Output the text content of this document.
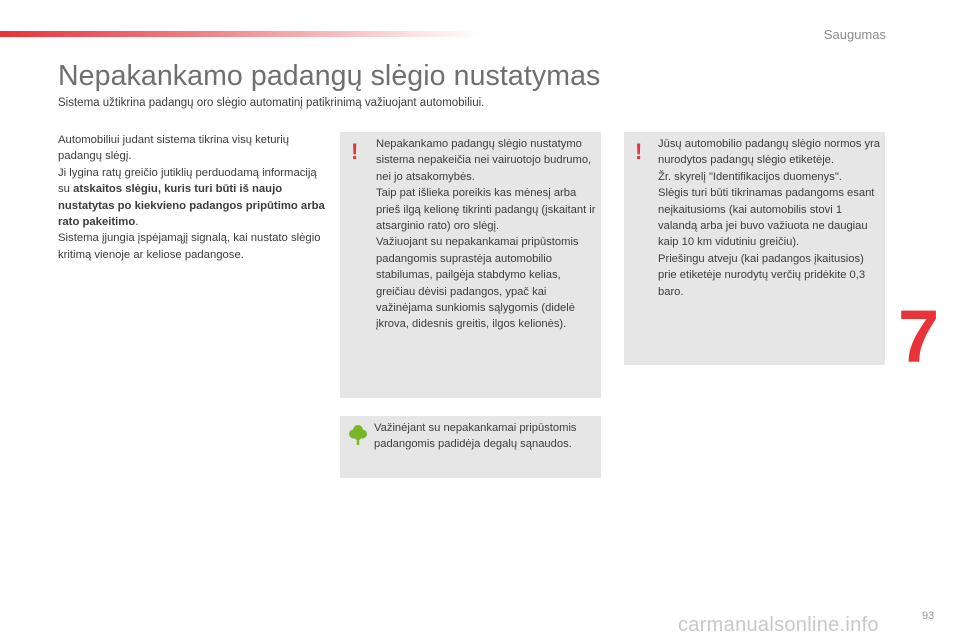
Saugumas
Nepakankamo padangų slėgio nustatymas
Sistema užtikrina padangų oro slėgio automatinį patikrinimą važiuojant automobiliui.
Automobiliui judant sistema tikrina visų keturių padangų slėgį.
Ji lygina ratų greičio jutiklių perduodamą informaciją su atskaitos slėgiu, kuris turi būti iš naujo nustatytas po kiekvieno padangos pripūtimo arba rato pakeitimo.
Sistema įjungia įspėjamąjį signalą, kai nustato slėgio kritimą vienoje ar keliose padangose.
! Nepakankamo padangų slėgio nustatymo sistema nepakeičia nei vairuotojo budrumo, nei jo atsakomybės.
Taip pat išlieka poreikis kas mėnesį arba prieš ilgą kelionę tikrinti padangų (įskaitant ir atsarginio rato) oro slėgį.
Važiuojant su nepakankamai pripūstomis padangomis suprastėja automobilio stabilumas, pailgėja stabdymo kelias, greičiau dėvisi padangos, ypač kai važinėjama sunkiomis sąlygomis (didelė įkrova, didesnis greitis, ilgos kelionės).
! Jūsų automobilio padangų slėgio normos yra nurodytos padangų slėgio etiketėje.
Žr. skyrelį "Identifikacijos duomenys".
Slėgis turi būti tikrinamas padangoms esant neįkaitusioms (kai automobilis stovi 1 valandą arba jei buvo važiuota ne daugiau kaip 10 km vidutiniu greičiu).
Priešingu atveju (kai padangos įkaitusios) prie etiketėje nurodytų verčių pridėkite 0,3 baro.
Važinėjant su nepakankamai pripūstomis padangomis padidėja degalų sąnaudos.
7
93
carmanualsonline.info
